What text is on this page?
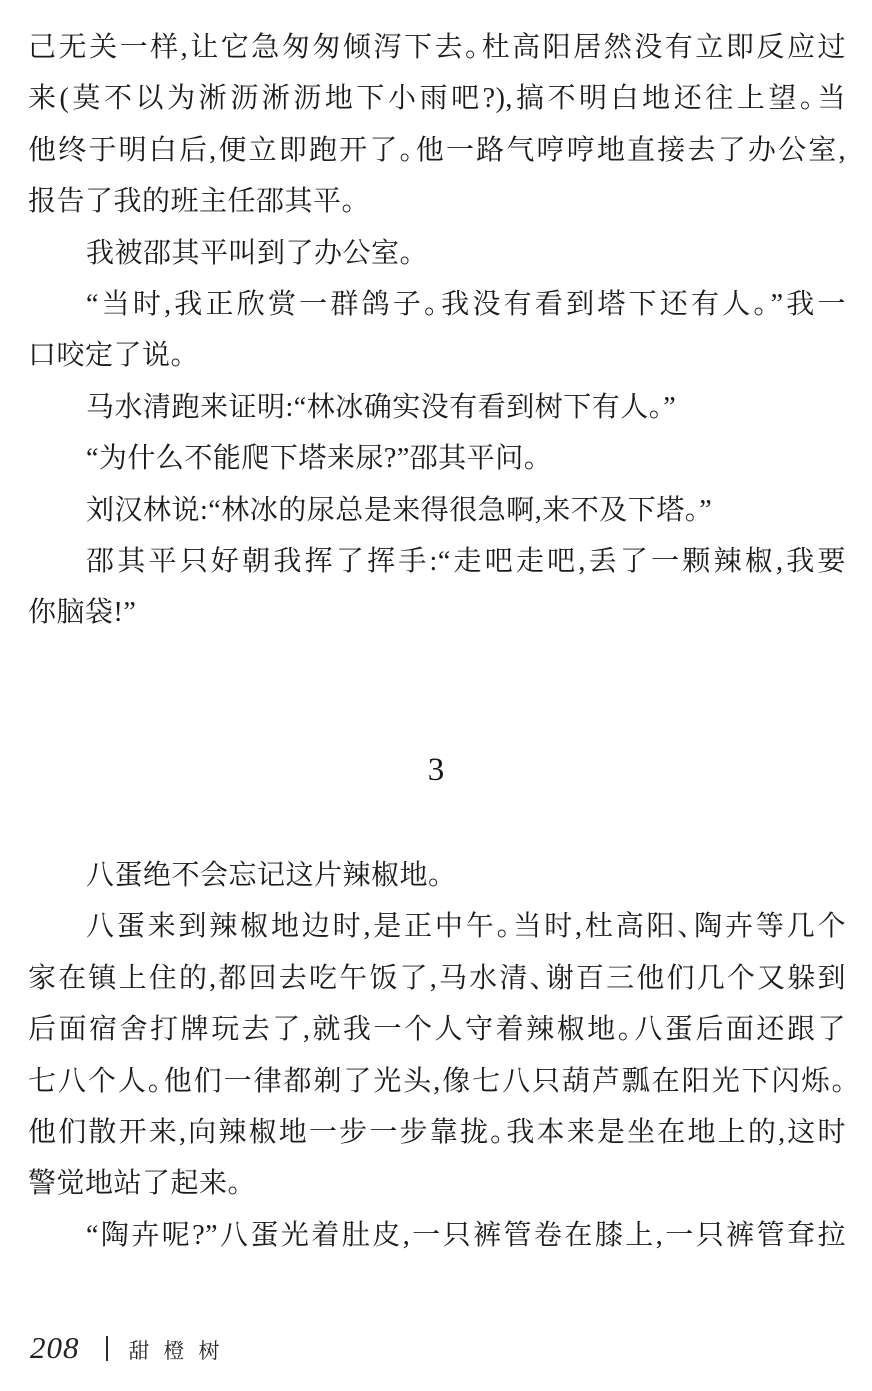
己无关一样,让它急匆匆倾泻下去。杜高阳居然没有立即反应过
来(莫不以为淅沥淅沥地下小雨吧?),搞不明白地还往上望。当
他终于明白后,便立即跑开了。他一路气哼哼地直接去了办公室,
报告了我的班主任邵其平。
我被邵其平叫到了办公室。
“当时,我正欣赏一群鸽子。我没有看到塔下还有人。”我一
口咬定了说。
马水清跑来证明:“林冰确实没有看到树下有人。”
“为什么不能爬下塔来尿?”邵其平问。
刘汉林说:“林冰的尿总是来得很急啊,来不及下塔。”
邵其平只好朝我挥了挥手:“走吧走吧,丢了一颗辣椒,我要
你脑袋!”
3
八蛋绝不会忘记这片辣椒地。
八蛋来到辣椒地边时,是正中午。当时,杜高阳、陶卉等几个
家在镇上住的,都回去吃午饭了,马水清、谢百三他们几个又躲到
后面宿舍打牌玩去了,就我一个人守着辣椒地。八蛋后面还跟了
七八个人。他们一律都剃了光头,像七八只葫芦瓢在阳光下闪烁。
他们散开来,向辣椒地一步一步靠拢。我本来是坐在地上的,这时
警觉地站了起来。
“陶卉呢?”八蛋光着肚皮,一只裤管卷在膝上,一只裤管耷拉
208 甜橙树
